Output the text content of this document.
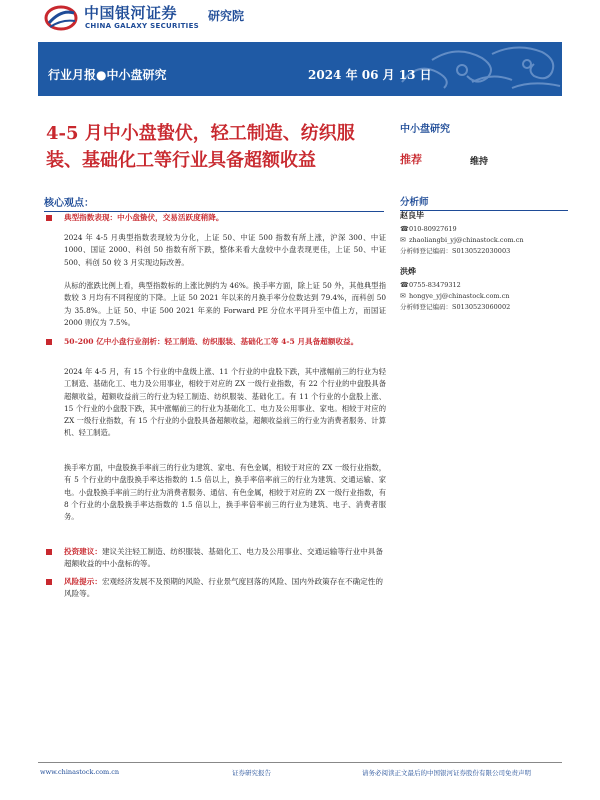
中国银河证券
CHINA GALAXY SECURITIES
研究院
行业月报●中小盘研究	2024 年 06 月 13 日
4-5 月中小盘蛰伏，轻工制造、纺织服装、基础化工等行业具备超额收益
中小盘研究
推荐	维持
分析师
赵良毕
☎010-80927619
✉ zhaoliangbi_yj@chinastock.com.cn
分析师登记编码：S0130522030003
洪烨
☎0755-83479312
✉ hongye_yj@chinastock.com.cn
分析师登记编码：S0130523060002
核心观点：
典型指数表现：中小盘蛰伏，交易活跃度稍降。
2024 年 4-5 月典型指数表现较为分化，上证 50、中证 500 指数有所上涨，沪深 300、中证 1000、国证 2000、科创 50 指数有所下跌，整体来看大盘较中小盘表现更佳，上证 50、中证 500、科创 50 较 3 月实现边际改善。
从标的涨跌比例上看，典型指数标的上涨比例约为 46%。换手率方面，除上证 50 外，其他典型指数较 3 月均有不同程度的下降。上证 50 2021 年以来的月换手率分位数达到 79.4%，而科创 50 为 35.8%。上证 50、中证 500 2021 年来的 Forward PE 分位水平同升至中值上方，而国证 2000 则仅为 7.5%。
50-200 亿中小盘行业剖析：轻工制造、纺织服装、基础化工等 4-5 月具备超额收益。
2024 年 4-5 月，有 15 个行业的中盘级上涨、11 个行业的中盘股下跌，其中涨幅前三的行业为轻工制造、基础化工、电力及公用事业，相较于对应的 ZX 一级行业指数，有 22 个行业的中盘股具备超额收益，超额收益前三的行业为轻工制造、纺织服装、基础化工。有 11 个行业的小盘股上涨、15 个行业的小盘股下跌，其中涨幅前三的行业为基础化工、电力及公用事业、家电。相较于对应的 ZX 一级行业指数，有 15 个行业的小盘股具备超额收益，超额收益前三的行业为消费者服务、计算机、轻工制造。
换手率方面，中盘股换手率前三的行业为建筑、家电、有色金属，相较于对应的 ZX 一级行业指数，有 5 个行业的中盘股换手率达指数的 1.5 倍以上，换手率倍率前三的行业为建筑、交通运输、家电。小盘股换手率前三的行业为消费者服务、通信、有色金属，相较于对应的 ZX 一级行业指数，有 8 个行业的小盘股换手率达指数的 1.5 倍以上，换手率倍率前三的行业为建筑、电子、消费者服务。
投资建议：建议关注轻工制造、纺织服装、基础化工、电力及公用事业、交通运输等行业中具备超额收益的中小盘标的等。
风险提示：宏观经济发展不及预期的风险、行业景气度回落的风险、国内外政策存在不确定性的风险等。
www.chinastock.com.cn	证券研究报告	请务必阅读正文最后的中国银河证券股份有限公司免责声明
